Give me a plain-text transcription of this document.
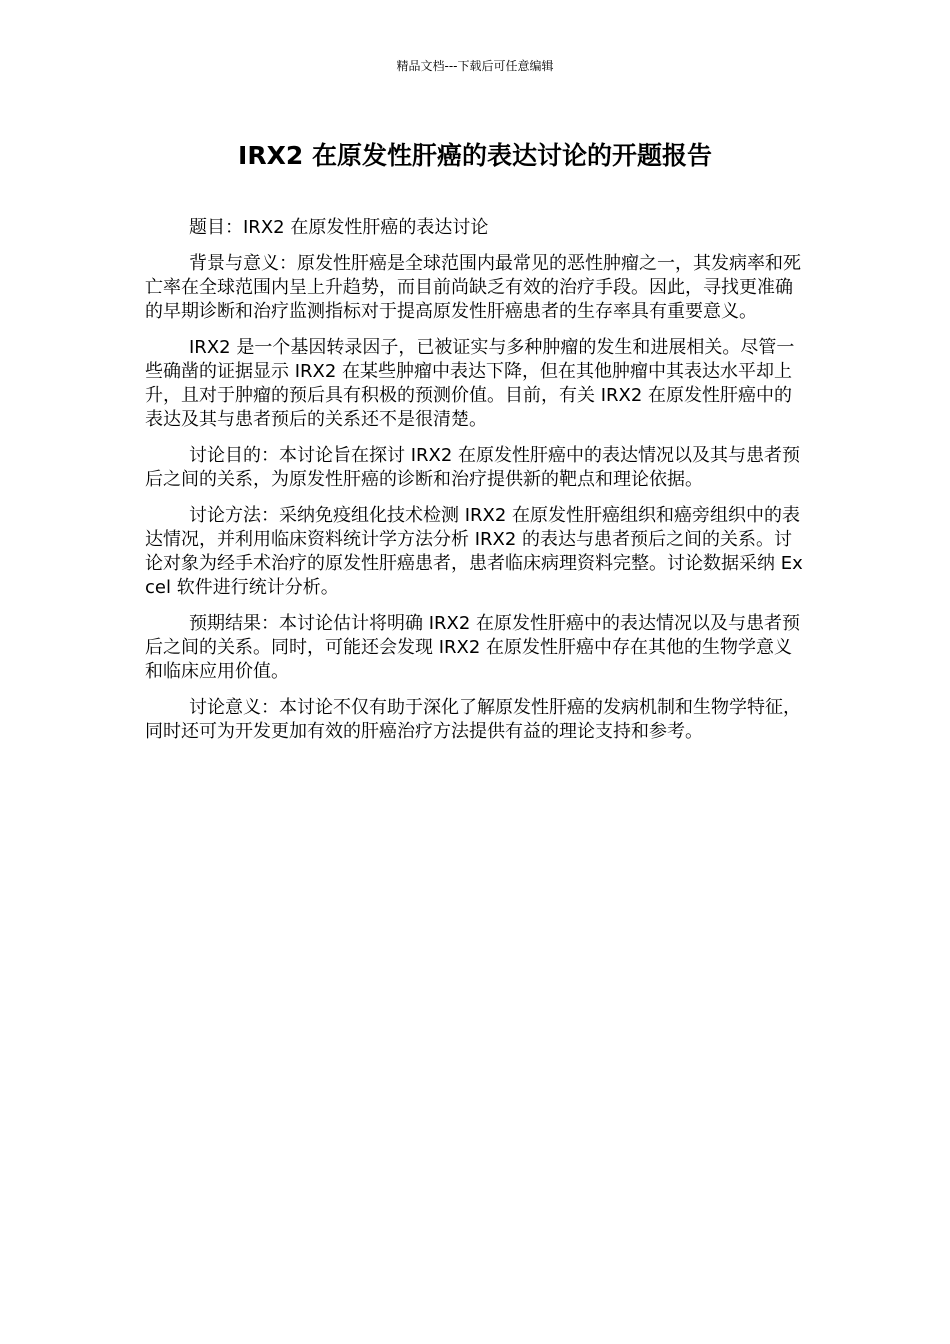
精品文档---下载后可任意编辑
IRX2 在原发性肝癌的表达讨论的开题报告

题目：IRX2 在原发性肝癌的表达讨论

背景与意义：原发性肝癌是全球范围内最常见的恶性肿瘤之一，其发病率和死亡率在全球范围内呈上升趋势，而目前尚缺乏有效的治疗手段。因此，寻找更准确的早期诊断和治疗监测指标对于提高原发性肝癌患者的生存率具有重要意义。

IRX2 是一个基因转录因子，已被证实与多种肿瘤的发生和进展相关。尽管一些确凿的证据显示 IRX2 在某些肿瘤中表达下降，但在其他肿瘤中其表达水平却上升，且对于肿瘤的预后具有积极的预测价值。目前，有关 IRX2 在原发性肝癌中的表达及其与患者预后的关系还不是很清楚。

讨论目的：本讨论旨在探讨 IRX2 在原发性肝癌中的表达情况以及其与患者预后之间的关系，为原发性肝癌的诊断和治疗提供新的靶点和理论依据。

讨论方法：采纳免疫组化技术检测 IRX2 在原发性肝癌组织和癌旁组织中的表达情况，并利用临床资料统计学方法分析 IRX2 的表达与患者预后之间的关系。讨论对象为经手术治疗的原发性肝癌患者，患者临床病理资料完整。讨论数据采纳 Excel 软件进行统计分析。

预期结果：本讨论估计将明确 IRX2 在原发性肝癌中的表达情况以及与患者预后之间的关系。同时，可能还会发现 IRX2 在原发性肝癌中存在其他的生物学意义和临床应用价值。

讨论意义：本讨论不仅有助于深化了解原发性肝癌的发病机制和生物学特征，同时还可为开发更加有效的肝癌治疗方法提供有益的理论支持和参考。
